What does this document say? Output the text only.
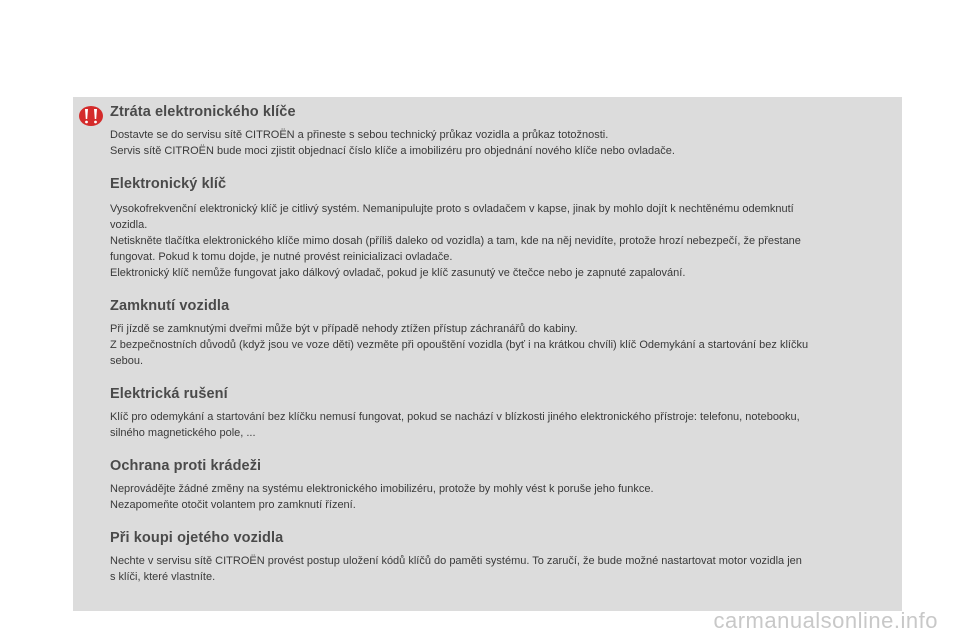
Ztráta elektronického klíče

Dostavte se do servisu sítě CITROËN a přineste s sebou technický průkaz vozidla a průkaz totožnosti.
Servis sítě CITROËN bude moci zjistit objednací číslo klíče a imobilizéru pro objednání nového klíče nebo ovladače.

Elektronický klíč

Vysokofrekvenční elektronický klíč je citlivý systém. Nemanipulujte proto s ovladačem v kapse, jinak by mohlo dojít k nechtěnému odemknutí
vozidla.
Netiskněte tlačítka elektronického klíče mimo dosah (příliš daleko od vozidla) a tam, kde na něj nevidíte, protože hrozí nebezpečí, že přestane
fungovat. Pokud k tomu dojde, je nutné provést reinicializaci ovladače.
Elektronický klíč nemůže fungovat jako dálkový ovladač, pokud je klíč zasunutý ve čtečce nebo je zapnuté zapalování.

Zamknutí vozidla

Při jízdě se zamknutými dveřmi může být v případě nehody ztížen přístup záchranářů do kabiny.
Z bezpečnostních důvodů (když jsou ve voze děti) vezměte při opouštění vozidla (byť i na krátkou chvíli) klíč Odemykání a startování bez klíčku
sebou.

Elektrická rušení

Klíč pro odemykání a startování bez klíčku nemusí fungovat, pokud se nachází v blízkosti jiného elektronického přístroje: telefonu, notebooku,
silného magnetického pole, ...

Ochrana proti krádeži

Neprovádějte žádné změny na systému elektronického imobilizéru, protože by mohly vést k poruše jeho funkce.
Nezapomeňte otočit volantem pro zamknutí řízení.

Při koupi ojetého vozidla

Nechte v servisu sítě CITROËN provést postup uložení kódů klíčů do paměti systému. To zaručí, že bude možné nastartovat motor vozidla jen
s klíči, které vlastníte.

carmanualsonline.info
